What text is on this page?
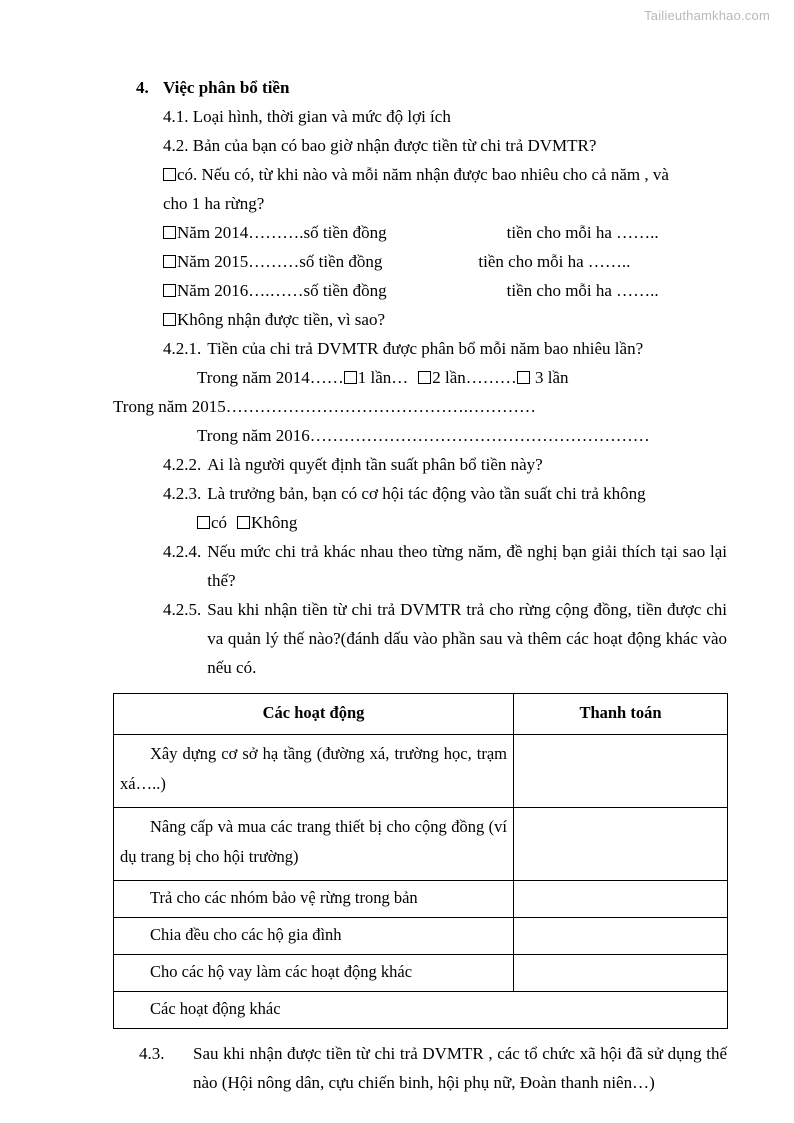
Tailieuthamkhao.com
4. Việc phân bổ tiền
4.1. Loại hình, thời gian và mức độ lợi ích
4.2. Bản của bạn có bao giờ nhận được tiền từ chi trả DVMTR?
có. Nếu có, từ khi nào và mỗi năm nhận được bao nhiêu cho cả năm , và
cho 1 ha rừng?
Năm 2014……….số tiền đồng	tiền cho mỗi ha ……..
Năm 2015………số tiền đồng	tiền cho mỗi ha ……..
Năm 2016….……số tiền đồng	tiền cho mỗi ha ……..
Không nhận được tiền, vì sao?
4.2.1. Tiền của chi trả DVMTR được phân bổ mỗi năm bao nhiêu lần?
Trong năm 2014…… 1 lần… 2 lần……… 3 lần
Trong năm 2015…………………………………….…………
Trong năm 2016……………………………………………………
4.2.2. Ai là người quyết định tần suất phân bổ tiền này?
4.2.3. Là trưởng bản, bạn có cơ hội tác động vào tần suất chi trả không
có Không
4.2.4. Nếu mức chi trả khác nhau theo từng năm, đề nghị bạn giải thích tại sao lại thế?
4.2.5. Sau khi nhận tiền từ chi trả DVMTR trả cho rừng cộng đồng, tiền được chi va quản lý thế nào?(đánh dấu vào phần sau và thêm các hoạt động khác vào nếu có.
Các hoạt động	Thanh toán
Xây dựng cơ sở hạ tầng (đường xá, trường học, trạm xá…..)	
Nâng cấp và mua các trang thiết bị cho cộng đồng (ví dụ trang bị cho hội trường)	
Trả cho các nhóm bảo vệ rừng trong bản	
Chia đều cho các hộ gia đình	
Cho các hộ vay làm các hoạt động khác	
Các hoạt động khác	
4.3.	Sau khi nhận được tiền từ chi trả DVMTR , các tổ chức xã hội đã sử dụng thế nào (Hội nông dân, cựu chiến binh, hội phụ nữ, Đoàn thanh niên…)
